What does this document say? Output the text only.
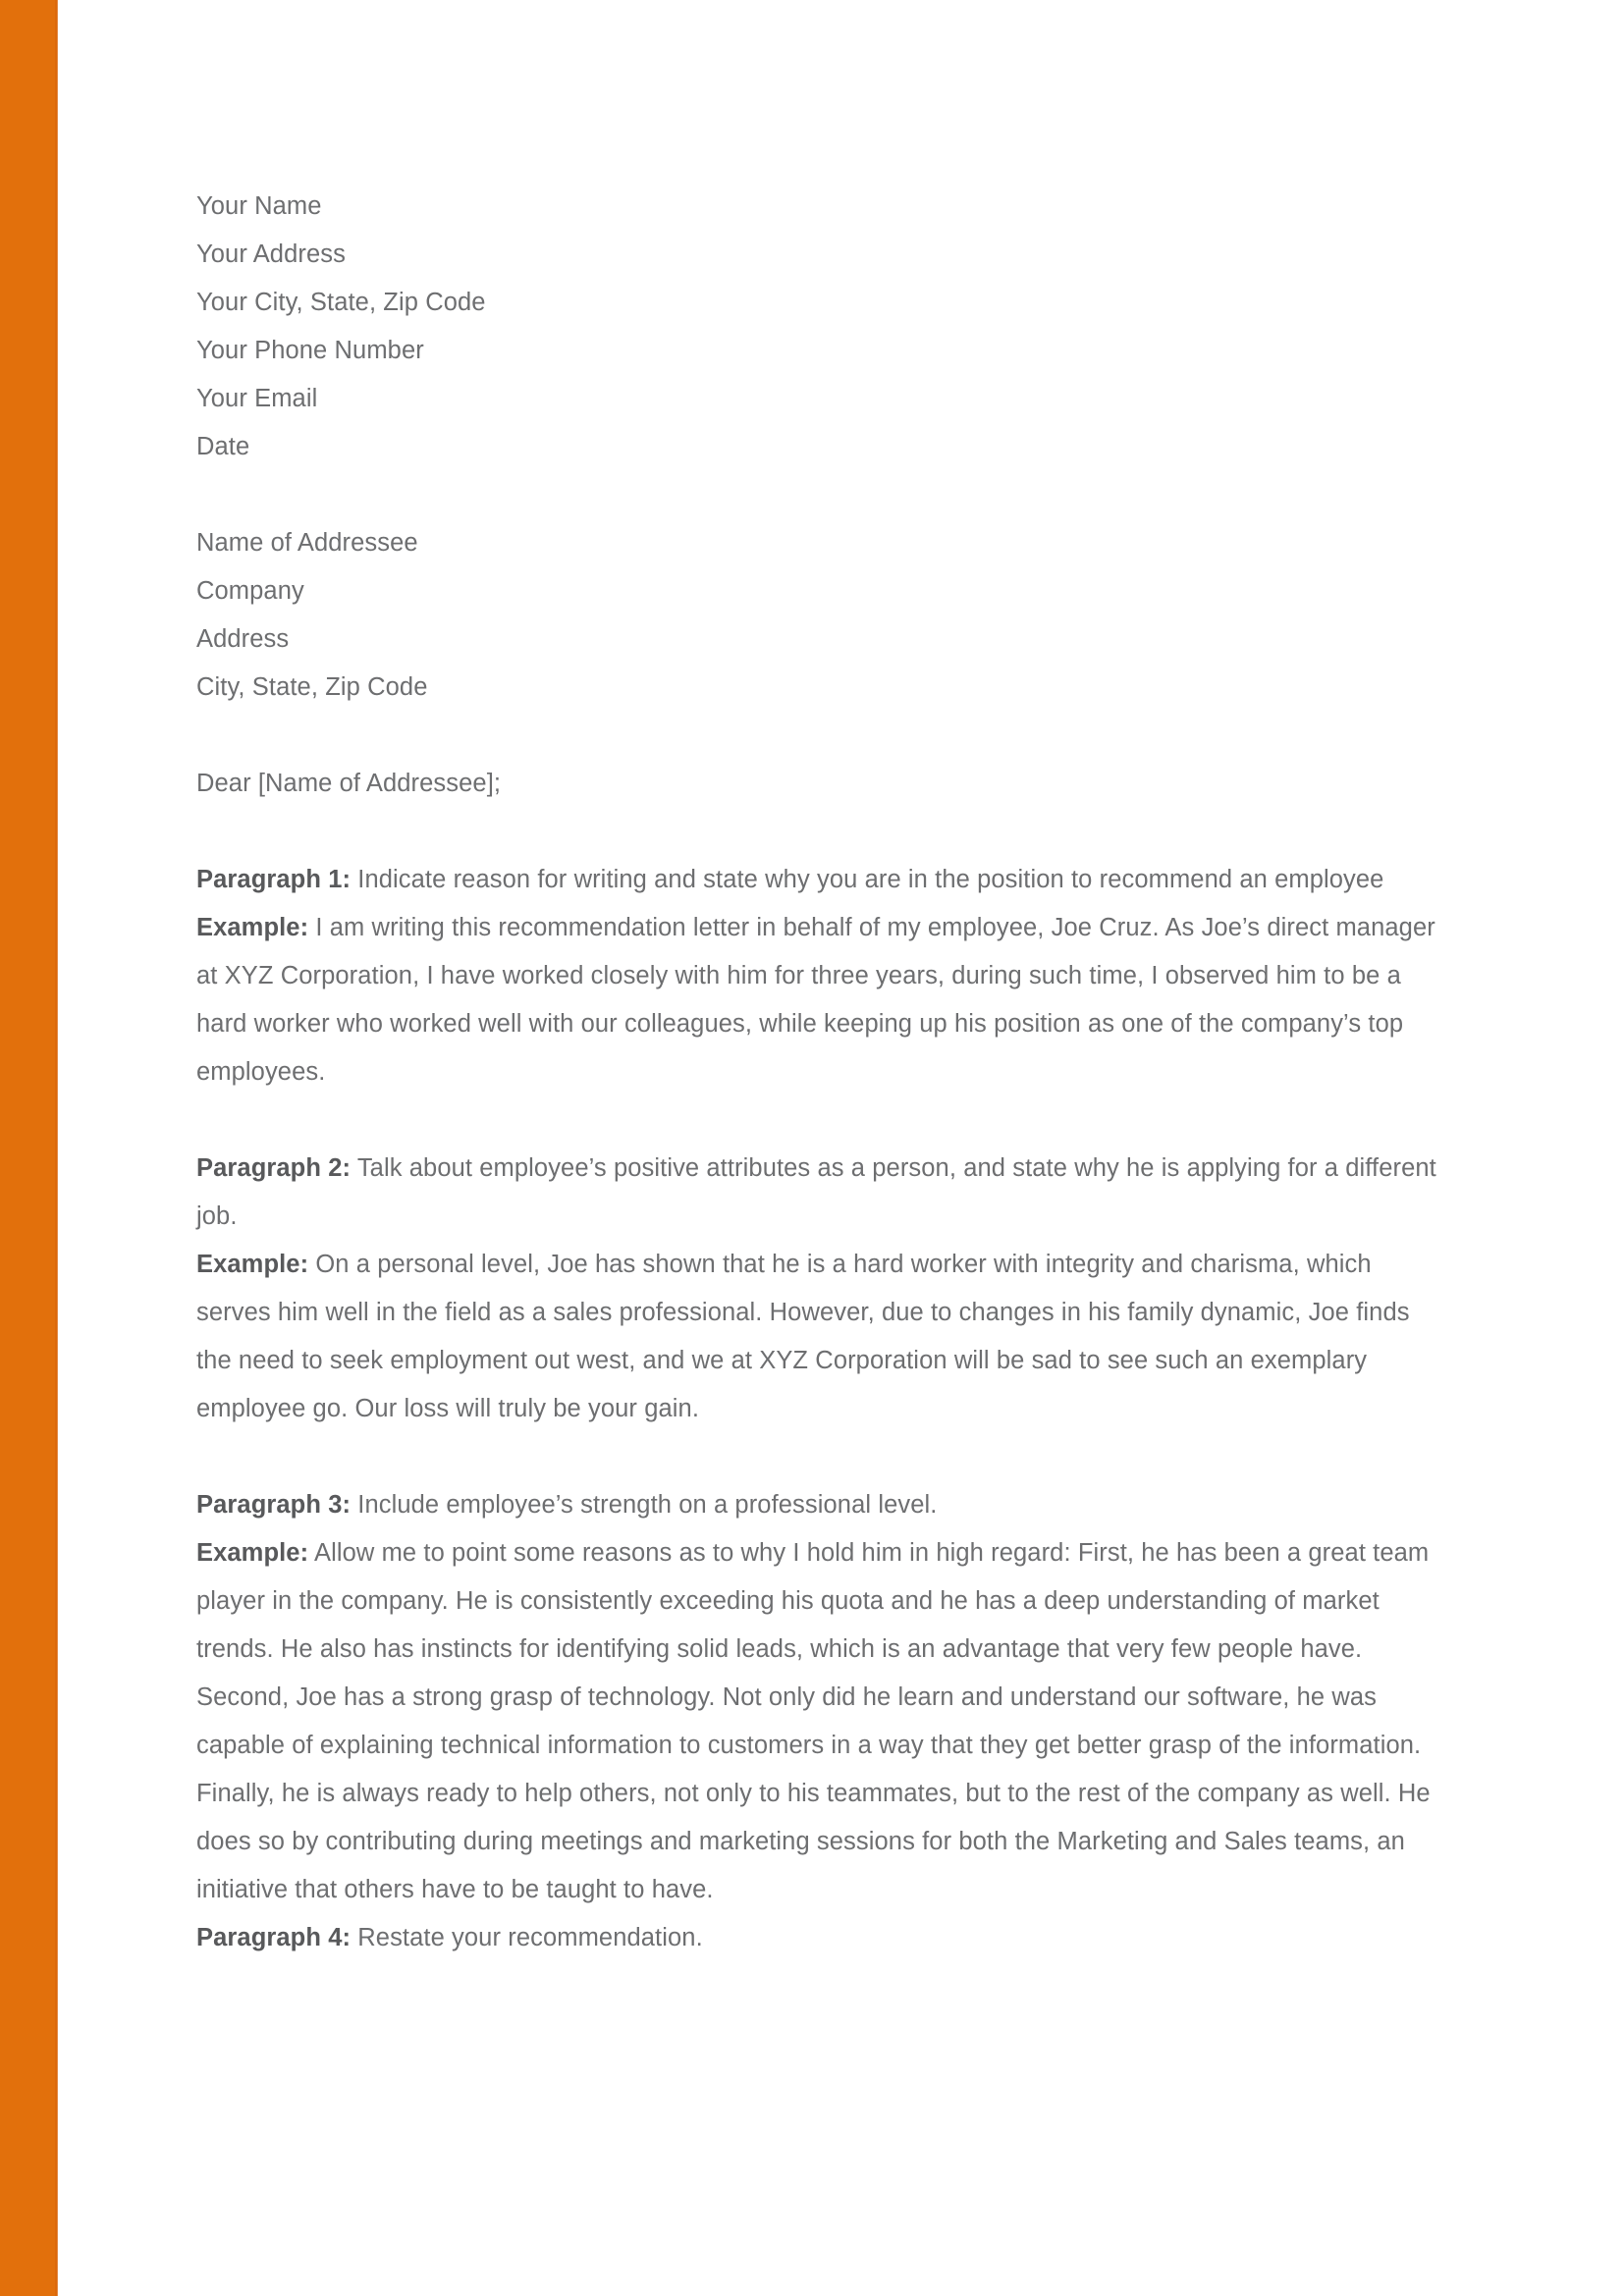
Your Name
Your Address
Your City, State, Zip Code
Your Phone Number
Your Email
Date
Name of Addressee
Company
Address
City, State, Zip Code
Dear [Name of Addressee];

Paragraph 1: Indicate reason for writing and state why you are in the position to recommend an employee

Example: I am writing this recommendation letter in behalf of my employee, Joe Cruz. As Joe’s direct manager at XYZ Corporation, I have worked closely with him for three years, during such time, I observed him to be a hard worker who worked well with our colleagues, while keeping up his position as one of the company’s top employees.

Paragraph 2: Talk about employee’s positive attributes as a person, and state why he is applying for a different job.

Example: On a personal level, Joe has shown that he is a hard worker with integrity and charisma, which serves him well in the field as a sales professional. However, due to changes in his family dynamic, Joe finds the need to seek employment out west, and we at XYZ Corporation will be sad to see such an exemplary employee go. Our loss will truly be your gain.

Paragraph 3: Include employee’s strength on a professional level.

Example: Allow me to point some reasons as to why I hold him in high regard: First, he has been a great team player in the company. He is consistently exceeding his quota and he has a deep understanding of market trends. He also has instincts for identifying solid leads, which is an advantage that very few people have. Second, Joe has a strong grasp of technology. Not only did he learn and understand our software, he was capable of explaining technical information to customers in a way that they get better grasp of the information. Finally, he is always ready to help others, not only to his teammates, but to the rest of the company as well. He does so by contributing during meetings and marketing sessions for both the Marketing and Sales teams, an initiative that others have to be taught to have.

Paragraph 4: Restate your recommendation.
